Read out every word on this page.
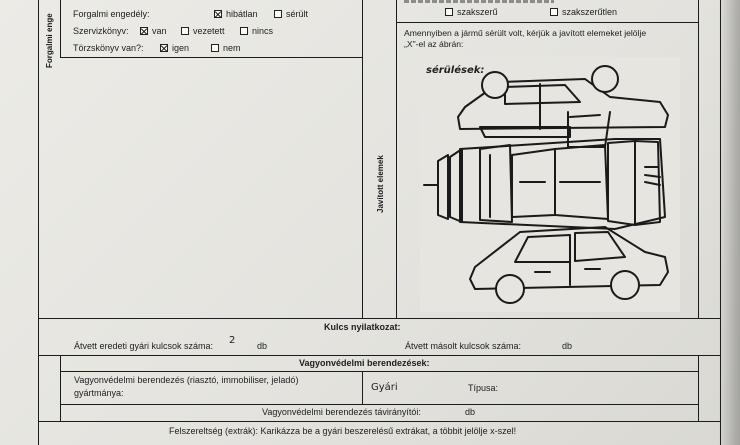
Forgalmi enge Forgalmi engedély:	hibátlan	sérült
Szervizkönyv:	van	vezetett	nincs
Törzskönyv van?:	igen	nem
szakszerű	szakszerűtlen
Amennyiben a jármű sérült volt, kérjük a javított elemeket jelölje
„X"-el az ábrán:
Javított elemek
sérülések:
Kulcs nyilatkozat:
Átvett eredeti gyári kulcsok száma: 2 db	Átvett másolt kulcsok száma:	db
Vagyonvédelmi berendezések:
Vagyonvédelmi berendezés (riasztó, immobiliser, jeladó)
gyártmánya:	Gyári	Típusa:
Vagyonvédelmi berendezés távirányítói:	db
Felszereltség (extrák): Karikázza be a gyári beszerelésű extrákat, a többit jelölje x-szel!
